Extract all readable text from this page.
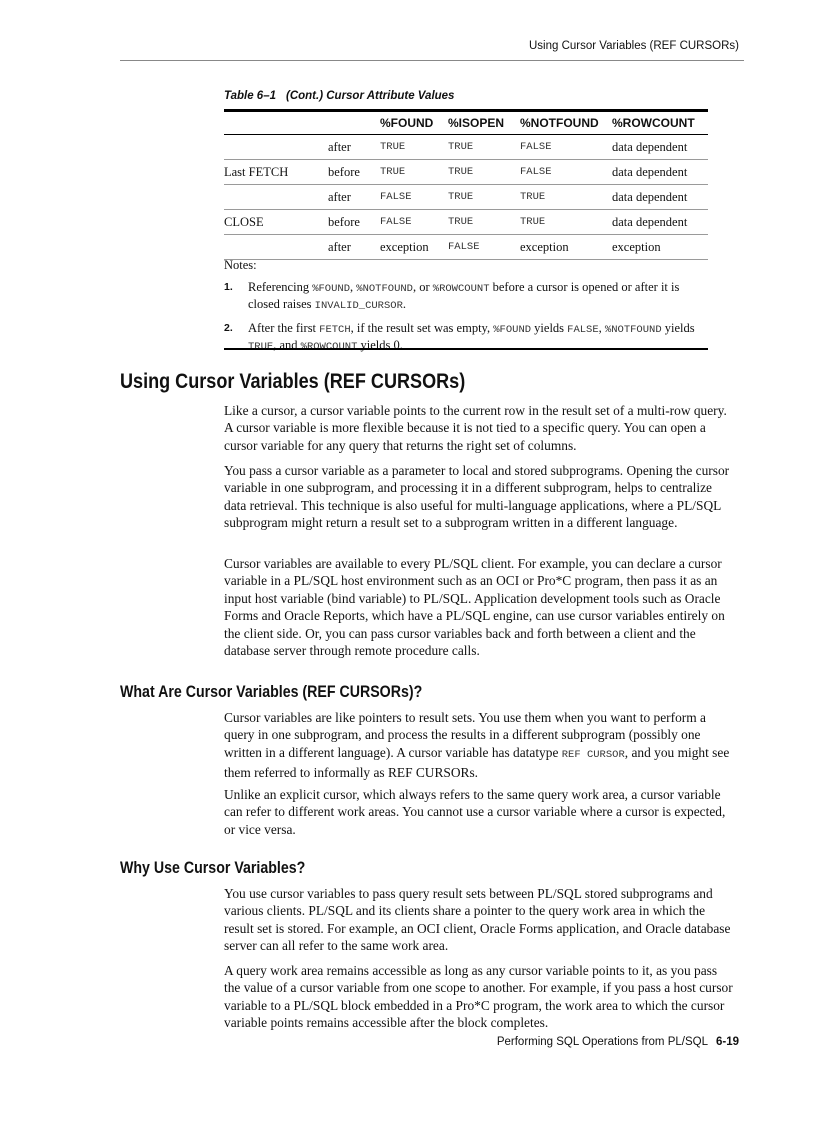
Using Cursor Variables (REF CURSORs)
Table 6–1 (Cont.) Cursor Attribute Values
		%FOUND	%ISOPEN	%NOTFOUND	%ROWCOUNT
	after	TRUE	TRUE	FALSE	data dependent
Last FETCH	before	TRUE	TRUE	FALSE	data dependent
	after	FALSE	TRUE	TRUE	data dependent
CLOSE	before	FALSE	TRUE	TRUE	data dependent
	after	exception	FALSE	exception	exception
Notes:
1. Referencing %FOUND, %NOTFOUND, or %ROWCOUNT before a cursor is opened or after it is closed raises INVALID_CURSOR.
2. After the first FETCH, if the result set was empty, %FOUND yields FALSE, %NOTFOUND yields TRUE, and %ROWCOUNT yields 0.
Using Cursor Variables (REF CURSORs)

Like a cursor, a cursor variable points to the current row in the result set of a multi-row query. A cursor variable is more flexible because it is not tied to a specific query. You can open a cursor variable for any query that returns the right set of columns.

You pass a cursor variable as a parameter to local and stored subprograms. Opening the cursor variable in one subprogram, and processing it in a different subprogram, helps to centralize data retrieval. This technique is also useful for multi-language applications, where a PL/SQL subprogram might return a result set to a subprogram written in a different language.

Cursor variables are available to every PL/SQL client. For example, you can declare a cursor variable in a PL/SQL host environment such as an OCI or Pro*C program, then pass it as an input host variable (bind variable) to PL/SQL. Application development tools such as Oracle Forms and Oracle Reports, which have a PL/SQL engine, can use cursor variables entirely on the client side. Or, you can pass cursor variables back and forth between a client and the database server through remote procedure calls.

What Are Cursor Variables (REF CURSORs)?

Cursor variables are like pointers to result sets. You use them when you want to perform a query in one subprogram, and process the results in a different subprogram (possibly one written in a different language). A cursor variable has datatype REF CURSOR, and you might see them referred to informally as REF CURSORs.

Unlike an explicit cursor, which always refers to the same query work area, a cursor variable can refer to different work areas. You cannot use a cursor variable where a cursor is expected, or vice versa.

Why Use Cursor Variables?

You use cursor variables to pass query result sets between PL/SQL stored subprograms and various clients. PL/SQL and its clients share a pointer to the query work area in which the result set is stored. For example, an OCI client, Oracle Forms application, and Oracle database server can all refer to the same work area.

A query work area remains accessible as long as any cursor variable points to it, as you pass the value of a cursor variable from one scope to another. For example, if you pass a host cursor variable to a PL/SQL block embedded in a Pro*C program, the work area to which the cursor variable points remains accessible after the block completes.

Performing SQL Operations from PL/SQL 6-19
